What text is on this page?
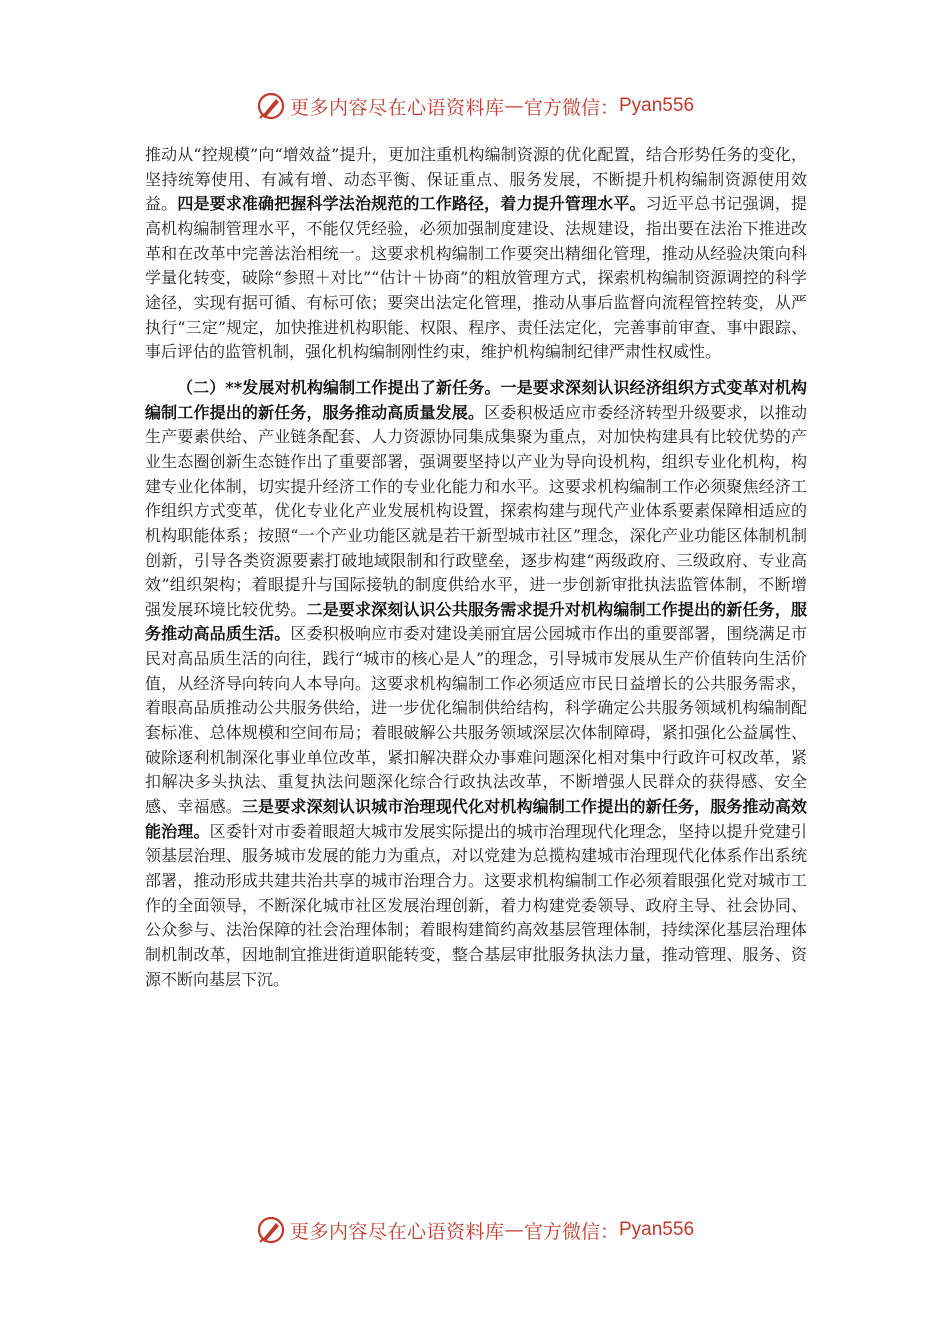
更多内容尽在心语资料库 — 官方微信： Pyan556

推动从“控规模”向“增效益”提升，更加注重机构编制资源的优化配置，结合形势任务的变化，坚持统筹使用、有减有增、动态平衡、保证重点、服务发展，不断提升机构编制资源使用效益。四是要求准确把握科学法治规范的工作路径，着力提升管理水平。习近平总书记强调，提高机构编制管理水平，不能仅凭经验，必须加强制度建设、法规建设，指出要在法治下推进改革和在改革中完善法治相统一。这要求机构编制工作要突出精细化管理，推动从经验决策向科学量化转变，破除“参照＋对比”“估计＋协商”的粗放管理方式，探索机构编制资源调控的科学途径，实现有据可循、有标可依；要突出法定化管理，推动从事后监督向流程管控转变，从严执行“三定”规定，加快推进机构职能、权限、程序、责任法定化，完善事前审查、事中跟踪、事后评估的监管机制，强化机构编制刚性约束，维护机构编制纪律严肃性权威性。

（二）**发展对机构编制工作提出了新任务。一是要求深刻认识经济组织方式变革对机构编制工作提出的新任务，服务推动高质量发展。区委积极适应市委经济转型升级要求，以推动生产要素供给、产业链条配套、人力资源协同集成集聚为重点，对加快构建具有比较优势的产业生态圈创新生态链作出了重要部署，强调要坚持以产业为导向设机构，组织专业化机构，构建专业化体制，切实提升经济工作的专业化能力和水平。这要求机构编制工作必须聚焦经济工作组织方式变革，优化专业化产业发展机构设置，探索构建与现代产业体系要素保障相适应的机构职能体系；按照“一个产业功能区就是若干新型城市社区”理念，深化产业功能区体制机制创新，引导各类资源要素打破地域限制和行政壁垒，逐步构建“两级政府、三级政府、专业高效”组织架构；着眼提升与国际接轨的制度供给水平，进一步创新审批执法监管体制，不断增强发展环境比较优势。二是要求深刻认识公共服务需求提升对机构编制工作提出的新任务，服务推动高品质生活。区委积极响应市委对建设美丽宜居公园城市作出的重要部署，围绕满足市民对高品质生活的向往，践行“城市的核心是人”的理念，引导城市发展从生产价值转向生活价值，从经济导向转向人本导向。这要求机构编制工作必须适应市民日益增长的公共服务需求，着眼高品质推动公共服务供给，进一步优化编制供给结构，科学确定公共服务领域机构编制配套标准、总体规模和空间布局；着眼破解公共服务领域深层次体制障碍，紧扣强化公益属性、破除逐利机制深化事业单位改革，紧扣解决群众办事难问题深化相对集中行政许可权改革，紧扣解决多头执法、重复执法问题深化综合行政执法改革，不断增强人民群众的获得感、安全感、幸福感。三是要求深刻认识城市治理现代化对机构编制工作提出的新任务，服务推动高效能治理。区委针对市委着眼超大城市发展实际提出的城市治理现代化理念，坚持以提升党建引领基层治理、服务城市发展的能力为重点，对以党建为总揽构建城市治理现代化体系作出系统部署，推动形成共建共治共享的城市治理合力。这要求机构编制工作必须着眼强化党对城市工作的全面领导，不断深化城市社区发展治理创新，着力构建党委领导、政府主导、社会协同、公众参与、法治保障的社会治理体制；着眼构建简约高效基层管理体制，持续深化基层治理体制机制改革，因地制宜推进街道职能转变，整合基层审批服务执法力量，推动管理、服务、资源不断向基层下沉。

更多内容尽在心语资料库 — 官方微信： Pyan556
